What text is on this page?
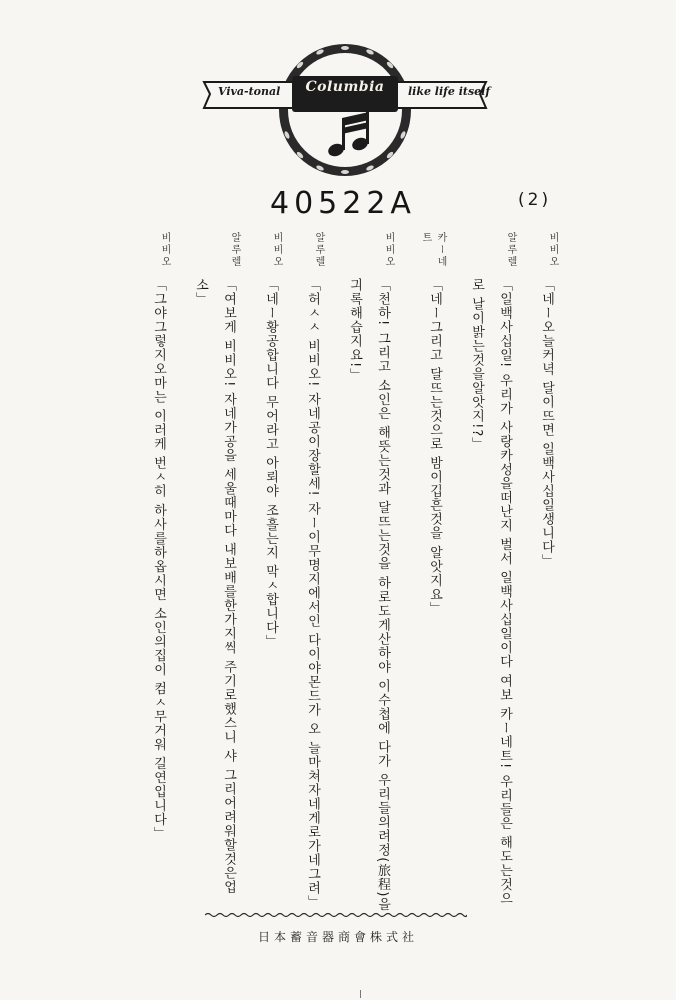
Viva-tonal	Columbia	like life itself
40522A	(2)
비비오
「네ー오늘커녁 달이뜨면 일백사십일생니다」
알루렐
「일백사십일! 우리가 사랑카성을떠난지 벌서 일백사십일이다 여보 카ー네트! 우리들은 해도는것으로 날이밝는것을알앗지!?」
카ー네트
「네ー그리고 달뜨는것으로 밤이깁흔것을 알앗지요」
비비오
「천하! 그리고 소인은 해뜻는것과 달뜨는것을 하로도게산하야 이수첩에 다가 우리들의려정(旅程)을 긔록해습지요!」
알루렐
「허ㅅㅅ 비비오! 자네공이장할세! 자ー이무명지에서인 다이야몬드가 오 늘마쳐자네게로가네그려」
비비오
「네ー황공합니다 무어라고 아뢰야 조흘는지 막ㅅ합니다」
알루렐
「여보게 비비오! 자네가공을 세울때마다 내보배를한가지씩 주기로했스니 샤 그리어려워할것은업소」
비비오
「그야그렇지오마는 이러케 번ㅅ히 하사를하옵시면 소인의집이 컴ㅅ무거워 길연입니다」
日本蓄音器商會株式社
